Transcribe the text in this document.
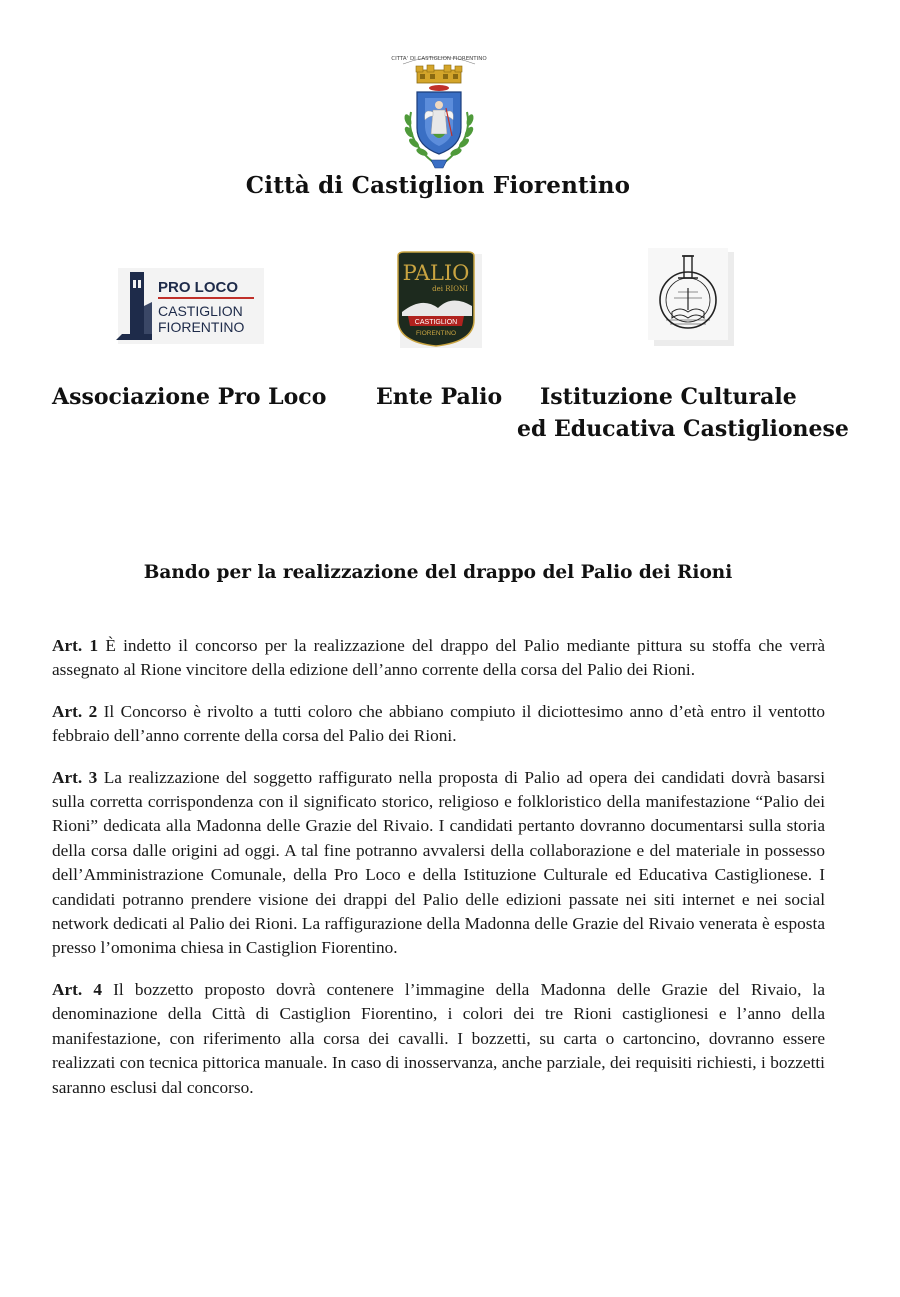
CITTA' DI CASTIGLION FIORENTINO
Città di Castiglion Fiorentino
PRO LOCO
CASTIGLION
FIORENTINO
PALIO
dei RIONI
CASTIGLION
FIORENTINO
Associazione Pro Loco Ente Palio Istituzione Culturale
ed Educativa Castiglionese
Bando per la realizzazione del drappo del Palio dei Rioni

Art. 1 È indetto il concorso per la realizzazione del drappo del Palio mediante pittura su stoffa che verrà assegnato al Rione vincitore della edizione dell’anno corrente della corsa del Palio dei Rioni.

Art. 2 Il Concorso è rivolto a tutti coloro che abbiano compiuto il diciottesimo anno d’età entro il ventotto febbraio dell’anno corrente della corsa del Palio dei Rioni.

Art. 3 La realizzazione del soggetto raffigurato nella proposta di Palio ad opera dei candidati dovrà basarsi sulla corretta corrispondenza con il significato storico, religioso e folkloristico della manifestazione “Palio dei Rioni” dedicata alla Madonna delle Grazie del Rivaio. I candidati pertanto dovranno documentarsi sulla storia della corsa dalle origini ad oggi. A tal fine potranno avvalersi della collaborazione e del materiale in possesso dell’Amministrazione Comunale, della Pro Loco e della Istituzione Culturale ed Educativa Castiglionese. I candidati potranno prendere visione dei drappi del Palio delle edizioni passate nei siti internet e nei social network dedicati al Palio dei Rioni. La raffigurazione della Madonna delle Grazie del Rivaio venerata è esposta presso l’omonima chiesa in Castiglion Fiorentino.

Art. 4 Il bozzetto proposto dovrà contenere l’immagine della Madonna delle Grazie del Rivaio, la denominazione della Città di Castiglion Fiorentino, i colori dei tre Rioni castiglionesi e l’anno della manifestazione, con riferimento alla corsa dei cavalli. I bozzetti, su carta o cartoncino, dovranno essere realizzati con tecnica pittorica manuale. In caso di inosservanza, anche parziale, dei requisiti richiesti, i bozzetti saranno esclusi dal concorso.
